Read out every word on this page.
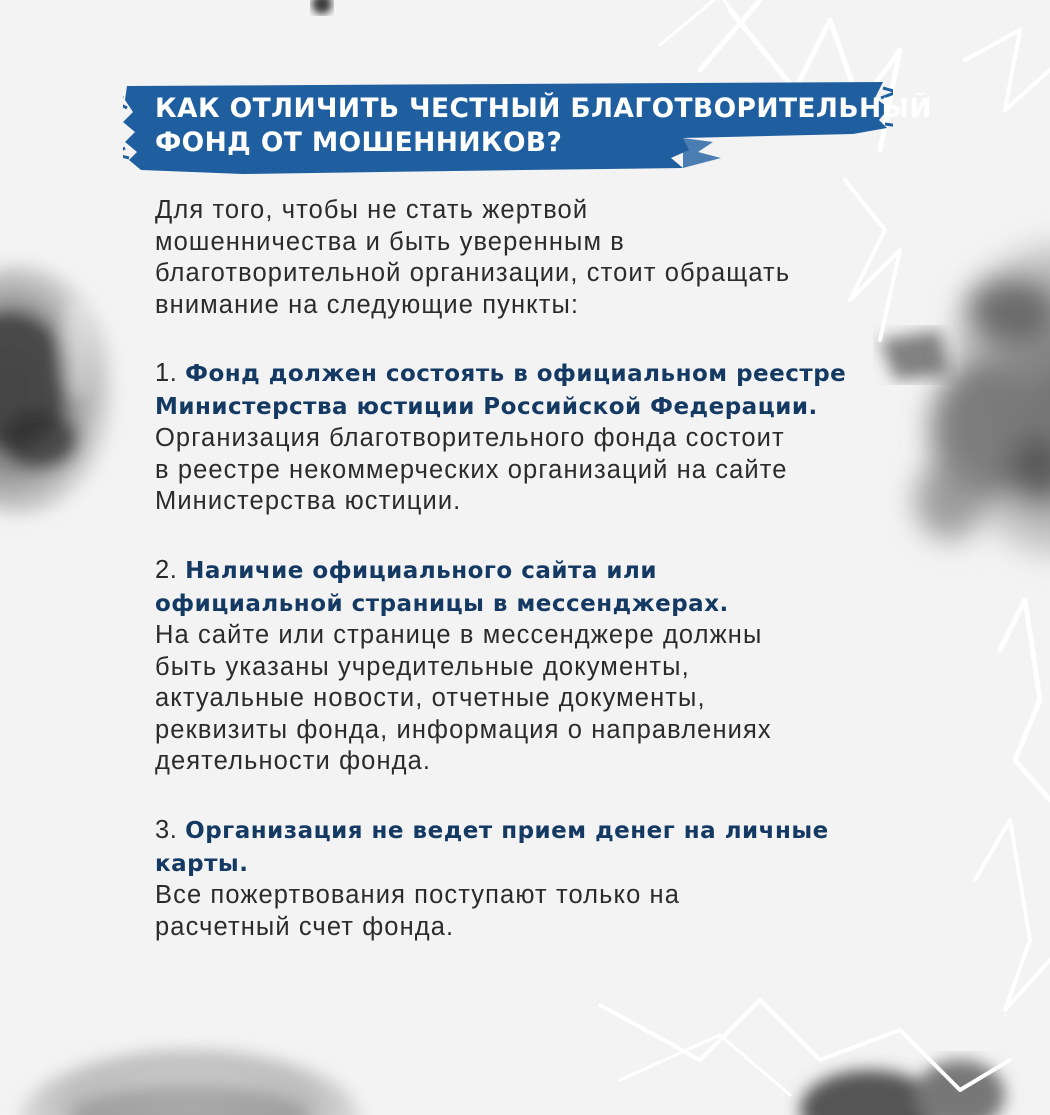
КАК ОТЛИЧИТЬ ЧЕСТНЫЙ БЛАГОТВОРИТЕЛЬНЫЙ
ФОНД ОТ МОШЕННИКОВ?

Для того, чтобы не стать жертвой
мошенничества и быть уверенным в
благотворительной организации, стоит обращать
внимание на следующие пункты:

1. Фонд должен состоять в официальном реестре
Министерства юстиции Российской Федерации.

Организация благотворительного фонда состоит
в реестре некоммерческих организаций на сайте
Министерства юстиции.

2. Наличие официального сайта или
официальной страницы в мессенджерах.

На сайте или странице в мессенджере должны
быть указаны учредительные документы,
актуальные новости, отчетные документы,
реквизиты фонда, информация о направлениях
деятельности фонда.

3. Организация не ведет прием денег на личные
карты.

Все пожертвования поступают только на
расчетный счет фонда.
